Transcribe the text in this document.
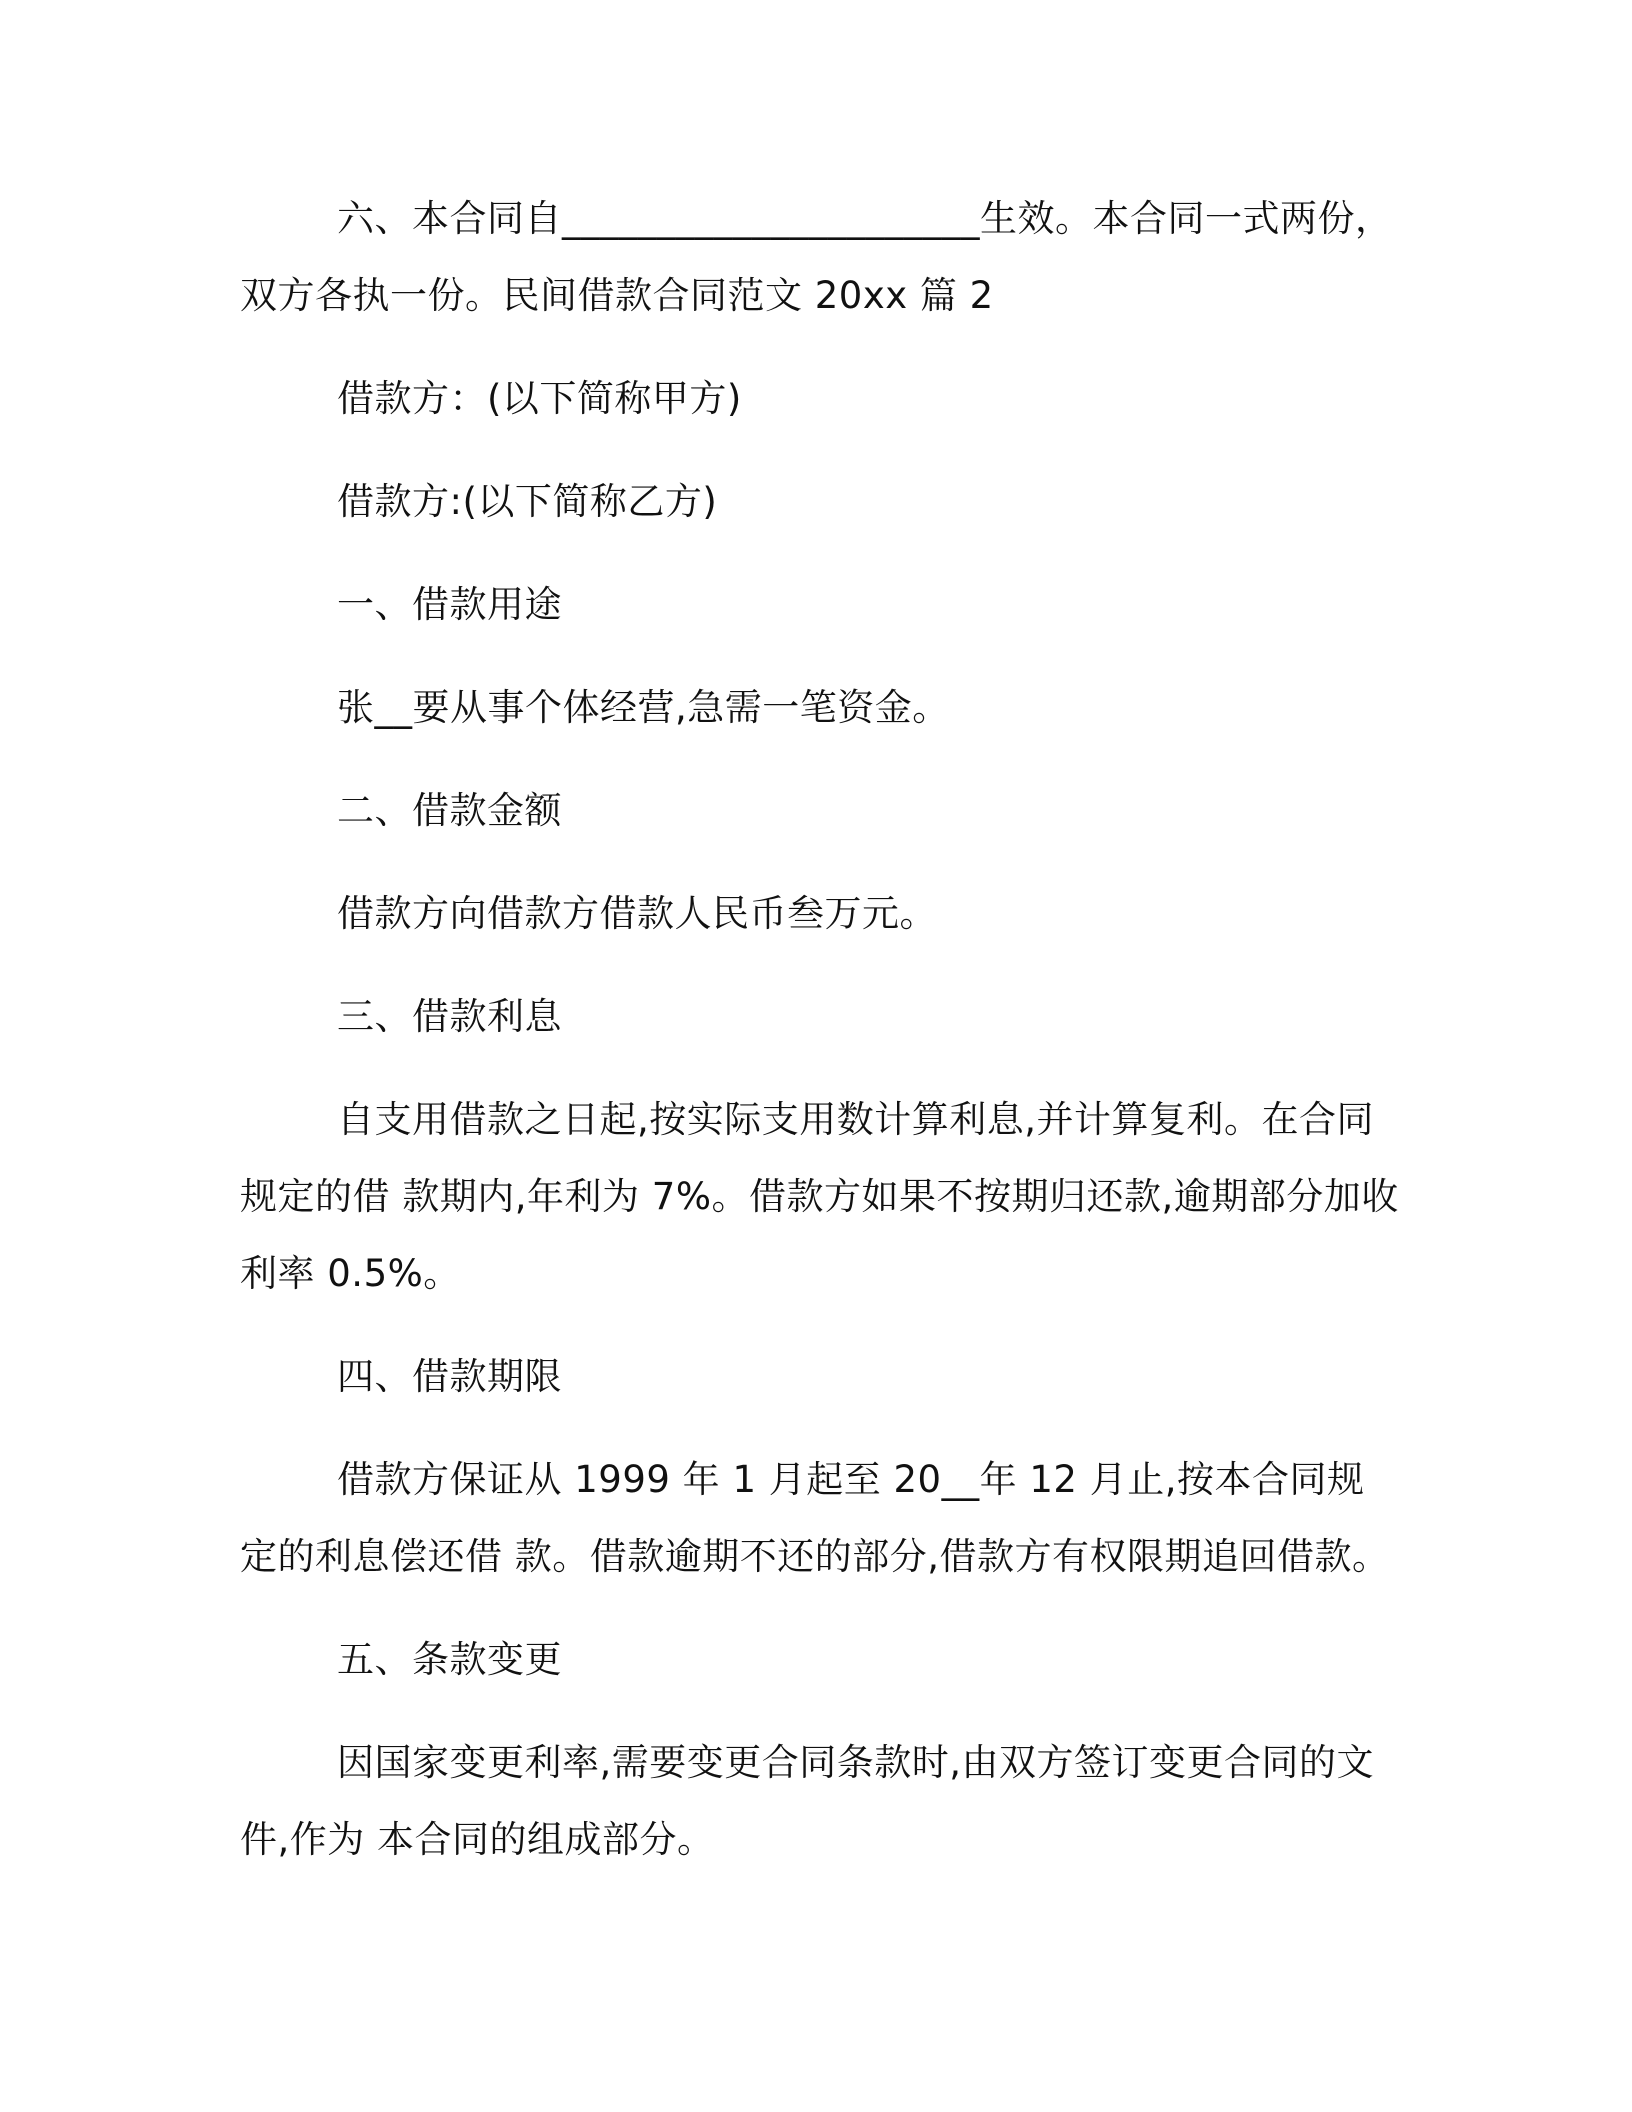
六、本合同自______________________生效。本合同一式两份，双方各执一份。民间借款合同范文 20xx 篇 2

借款方：(以下简称甲方)

借款方:(以下简称乙方)

一、借款用途

张__要从事个体经营,急需一笔资金。

二、借款金额

借款方向借款方借款人民币叁万元。

三、借款利息

自支用借款之日起,按实际支用数计算利息,并计算复利。在合同规定的借 款期内,年利为 7%。借款方如果不按期归还款,逾期部分加收利率 0.5%。

四、借款期限

借款方保证从 1999 年 1 月起至 20__年 12 月止,按本合同规定的利息偿还借 款。借款逾期不还的部分,借款方有权限期追回借款。

五、条款变更

因国家变更利率,需要变更合同条款时,由双方签订变更合同的文件,作为 本合同的组成部分。
